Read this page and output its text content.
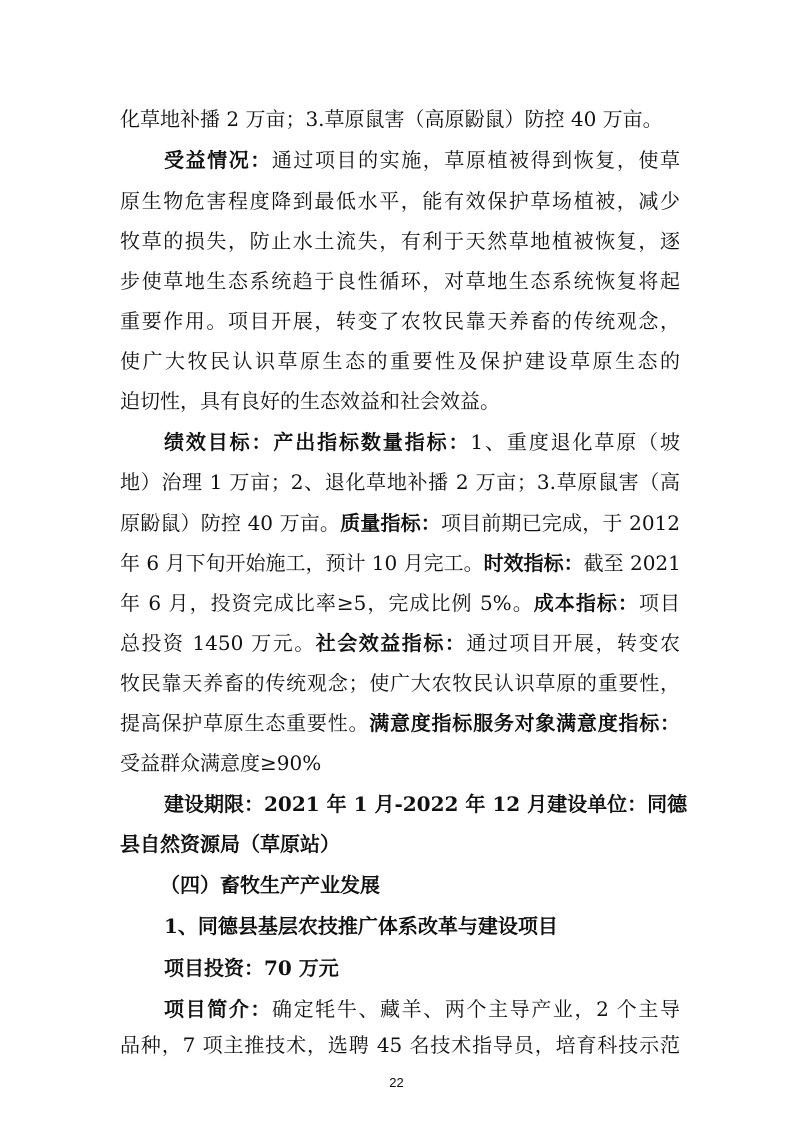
化草地补播 2 万亩；3.草原鼠害（高原鼢鼠）防控 40 万亩。
受益情况：通过项目的实施，草原植被得到恢复，使草
原生物危害程度降到最低水平，能有效保护草场植被，减少
牧草的损失，防止水土流失，有利于天然草地植被恢复，逐
步使草地生态系统趋于良性循环，对草地生态系统恢复将起
重要作用。项目开展，转变了农牧民靠天养畜的传统观念，
使广大牧民认识草原生态的重要性及保护建设草原生态的
迫切性，具有良好的生态效益和社会效益。
绩效目标：产出指标数量指标：1、重度退化草原（坡
地）治理 1 万亩；2、退化草地补播 2 万亩；3.草原鼠害（高
原鼢鼠）防控 40 万亩。质量指标：项目前期已完成，于 2012
年 6 月下旬开始施工，预计 10 月完工。时效指标：截至 2021
年 6 月，投资完成比率≥5，完成比例 5%。成本指标：项目
总投资 1450 万元。社会效益指标：通过项目开展，转变农
牧民靠天养畜的传统观念；使广大农牧民认识草原的重要性，
提高保护草原生态重要性。满意度指标服务对象满意度指标：
受益群众满意度≥90%
建设期限：2021 年 1 月-2022 年 12 月建设单位：同德
县自然资源局（草原站）
（四）畜牧生产产业发展
1、同德县基层农技推广体系改革与建设项目
项目投资：70 万元
项目简介：确定牦牛、藏羊、两个主导产业，2 个主导
22
品种，7 项主推技术，选聘 45 名技术指导员，培育科技示范
